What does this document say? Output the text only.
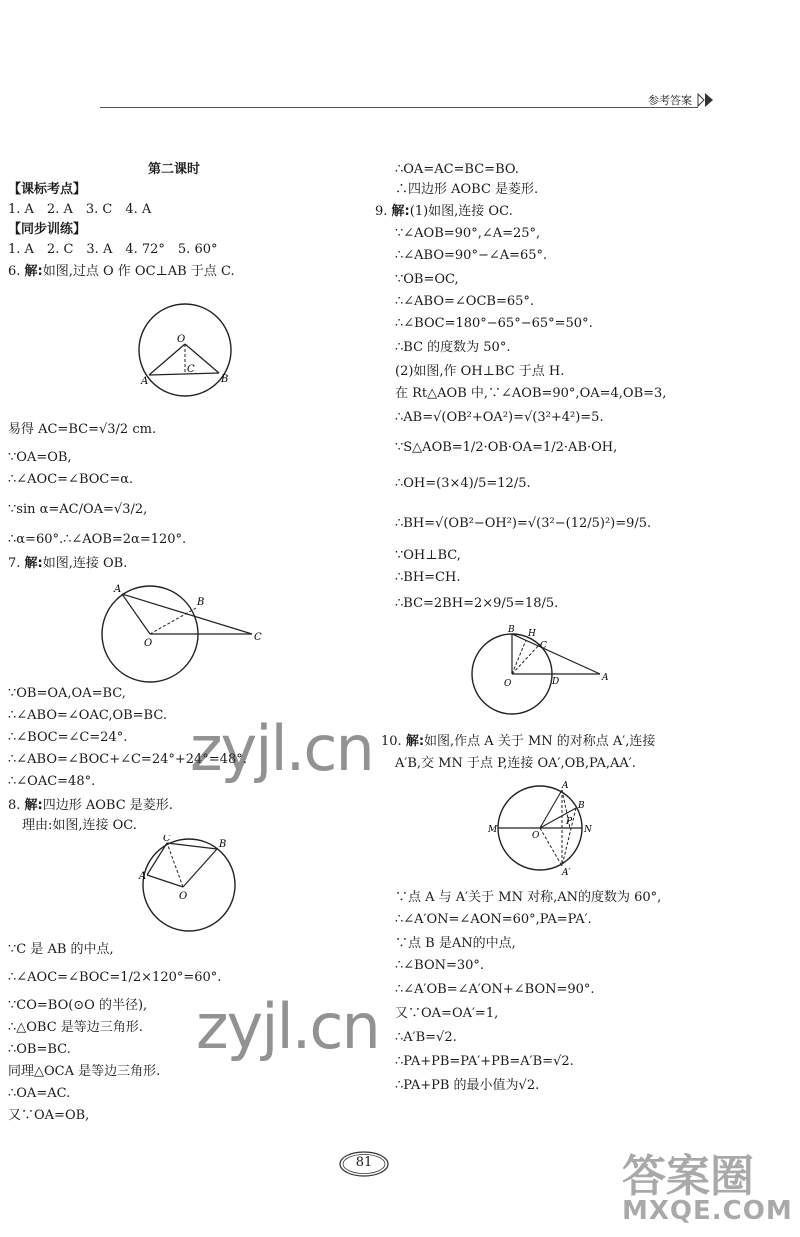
参考答案
第二课时
【课标考点】
1. A　2. A　3. C　4. A
【同步训练】
1. A　2. C　3. A　4. 72°　5. 60°
6. 解:如图,过点 O 作 OC⊥AB 于点 C.
易得 AC=BC=√3/2 cm.
∵OA=OB,
∴∠AOC=∠BOC=α.
∵sin α=AC/OA=√3/2,
∴α=60°.∴∠AOB=2α=120°.
7. 解:如图,连接 OB.
∵OB=OA,OA=BC,
∴∠ABO=∠OAC,OB=BC.
∴∠BOC=∠C=24°.
∴∠ABO=∠BOC+∠C=24°+24°=48°.
∴∠OAC=48°.
8. 解:四边形 AOBC 是菱形.
理由:如图,连接 OC.
∵C 是 AB 的中点,
∴∠AOC=∠BOC=1/2×120°=60°.
∵CO=BO(⊙O 的半径),
∴△OBC 是等边三角形.
∴OB=BC.
同理△OCA 是等边三角形.
∴OA=AC.
又∵OA=OB,
O
C
A	B
A
B
O
C
A
B
C
O
∴OA=AC=BC=BO.
∴四边形 AOBC 是菱形.
9. 解:(1)如图,连接 OC.
∵∠AOB=90°,∠A=25°,
∴∠ABO=90°−∠A=65°.
∵OB=OC,
∴∠ABO=∠OCB=65°.
∴∠BOC=180°−65°−65°=50°.
∴BC 的度数为 50°.
(2)如图,作 OH⊥BC 于点 H.
在 Rt△AOB 中,∵∠AOB=90°,OA=4,OB=3,
∴AB=√(OB²+OA²)=√(3²+4²)=5.
∵S△AOB=1/2·OB·OA=1/2·AB·OH,
∴OH=(3×4)/5=12/5.
∴BH=√(OB²−OH²)=√(3²−(12/5)²)=9/5.
∵OH⊥BC,
∴BH=CH.
∴BC=2BH=2×9/5=18/5.
10. 解:如图,作点 A 关于 MN 的对称点 A′,连接
A′B,交 MN 于点 P,连接 OA′,OB,PA,AA′.
∵点 A 与 A′关于 MN 对称,AN的度数为 60°,
∴∠A′ON=∠AON=60°,PA=PA′.
∵点 B 是AN的中点,
∴∠BON=30°.
∴∠A′OB=∠A′ON+∠BON=90°.
又∵OA=OA′=1,
∴A′B=√2.
∴PA+PB=PA′+PB=A′B=√2.
∴PA+PB 的最小值为√2.
B H
C
O	D	A
M
O
A
B
P
N
A′
81
zyjl.cn
zyjl.cn
答案圈
MXQE.COM
